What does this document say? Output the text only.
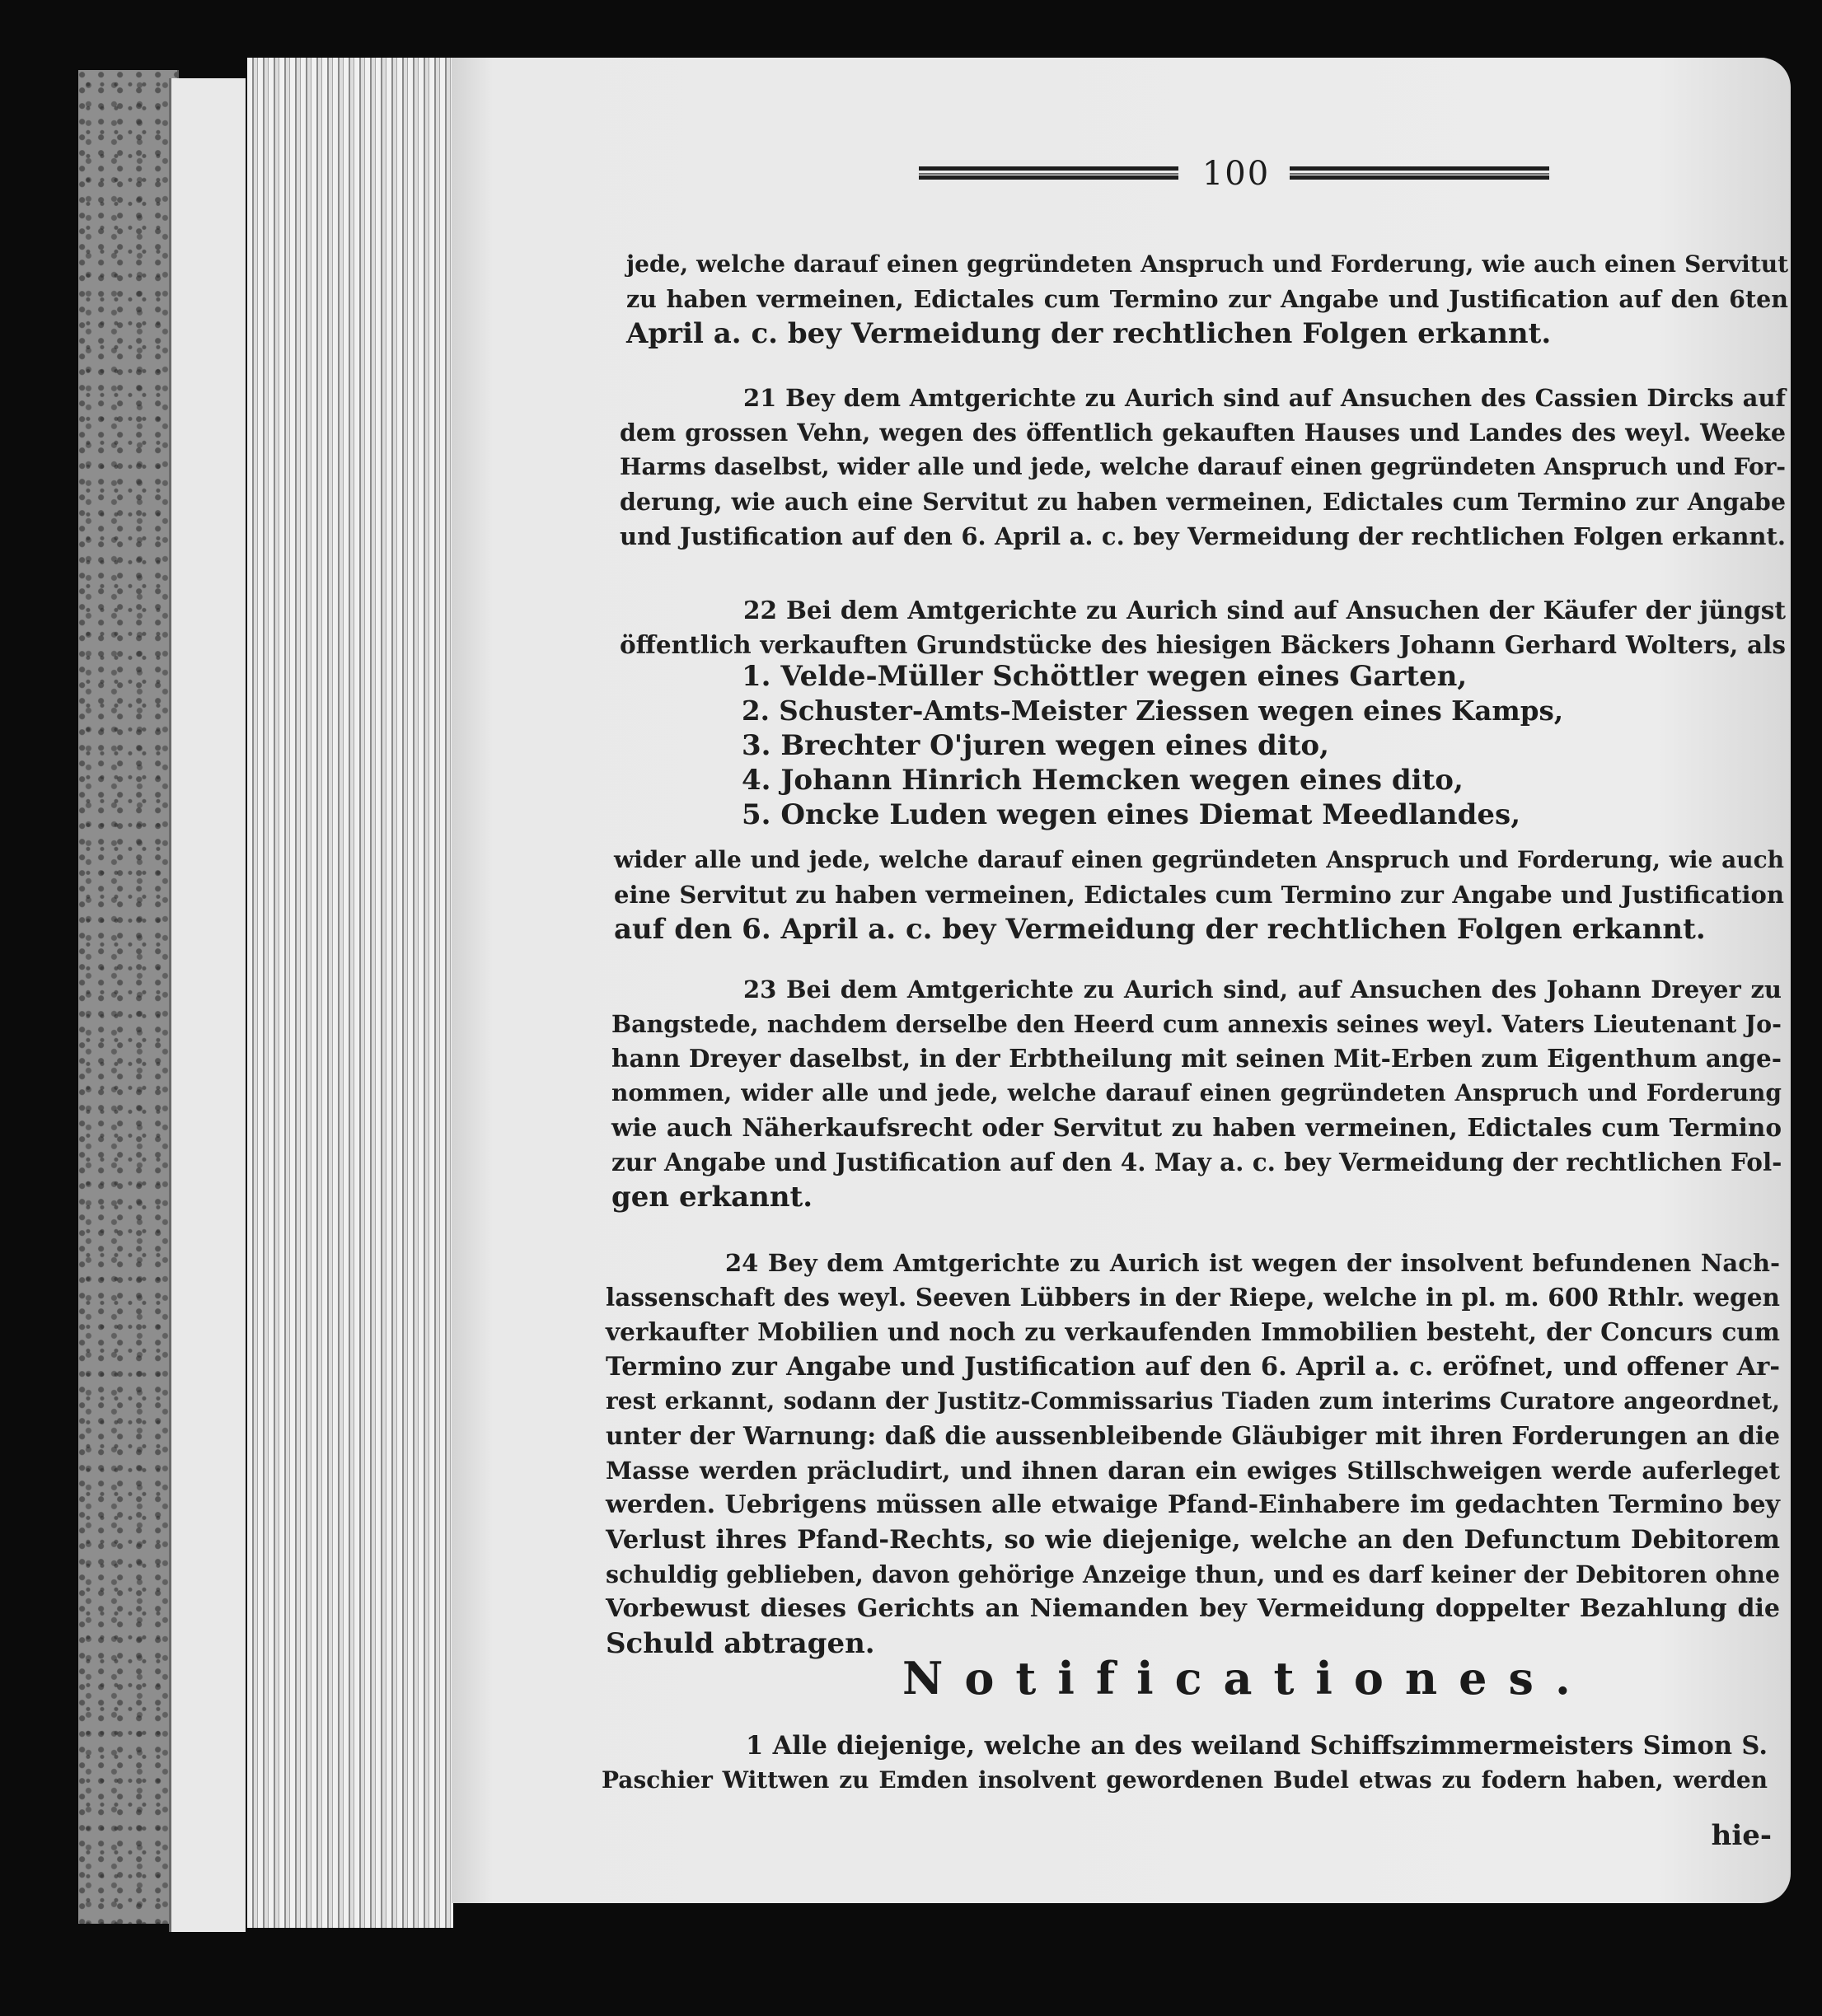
100
jede, welche darauf einen gegründeten Anspruch und Forderung, wie auch einen Servitut
zu haben vermeinen, Edictales cum Termino zur Angabe und Justification auf den 6ten
April a. c. bey Vermeidung der rechtlichen Folgen erkannt.
21 Bey dem Amtgerichte zu Aurich sind auf Ansuchen des Cassien Dircks auf
dem grossen Vehn, wegen des öffentlich gekauften Hauses und Landes des weyl. Weeke
Harms daselbst, wider alle und jede, welche darauf einen gegründeten Anspruch und For-
derung, wie auch eine Servitut zu haben vermeinen, Edictales cum Termino zur Angabe
und Justification auf den 6. April a. c. bey Vermeidung der rechtlichen Folgen erkannt.
22 Bei dem Amtgerichte zu Aurich sind auf Ansuchen der Käufer der jüngst
öffentlich verkauften Grundstücke des hiesigen Bäckers Johann Gerhard Wolters, als
1. Velde-Müller Schöttler wegen eines Garten,
2. Schuster-Amts-Meister Ziessen wegen eines Kamps,
3. Brechter O'juren wegen eines dito,
4. Johann Hinrich Hemcken wegen eines dito,
5. Oncke Luden wegen eines Diemat Meedlandes,
wider alle und jede, welche darauf einen gegründeten Anspruch und Forderung, wie auch
eine Servitut zu haben vermeinen, Edictales cum Termino zur Angabe und Justification
auf den 6. April a. c. bey Vermeidung der rechtlichen Folgen erkannt.
23 Bei dem Amtgerichte zu Aurich sind, auf Ansuchen des Johann Dreyer zu
Bangstede, nachdem derselbe den Heerd cum annexis seines weyl. Vaters Lieutenant Jo-
hann Dreyer daselbst, in der Erbtheilung mit seinen Mit-Erben zum Eigenthum ange-
nommen, wider alle und jede, welche darauf einen gegründeten Anspruch und Forderung
wie auch Näherkaufsrecht oder Servitut zu haben vermeinen, Edictales cum Termino
zur Angabe und Justification auf den 4. May a. c. bey Vermeidung der rechtlichen Fol-
gen erkannt.
24 Bey dem Amtgerichte zu Aurich ist wegen der insolvent befundenen Nach-
lassenschaft des weyl. Seeven Lübbers in der Riepe, welche in pl. m. 600 Rthlr. wegen
verkaufter Mobilien und noch zu verkaufenden Immobilien besteht, der Concurs cum
Termino zur Angabe und Justification auf den 6. April a. c. eröfnet, und offener Ar-
rest erkannt, sodann der Justitz-Commissarius Tiaden zum interims Curatore angeordnet,
unter der Warnung: daß die aussenbleibende Gläubiger mit ihren Forderungen an die
Masse werden präcludirt, und ihnen daran ein ewiges Stillschweigen werde auferleget
werden. Uebrigens müssen alle etwaige Pfand-Einhabere im gedachten Termino bey
Verlust ihres Pfand-Rechts, so wie diejenige, welche an den Defunctum Debitorem
schuldig geblieben, davon gehörige Anzeige thun, und es darf keiner der Debitoren ohne
Vorbewust dieses Gerichts an Niemanden bey Vermeidung doppelter Bezahlung die
Schuld abtragen.
Notificationes.
1 Alle diejenige, welche an des weiland Schiffszimmermeisters Simon S.
Paschier Wittwen zu Emden insolvent gewordenen Budel etwas zu fodern haben, werden
hie-
